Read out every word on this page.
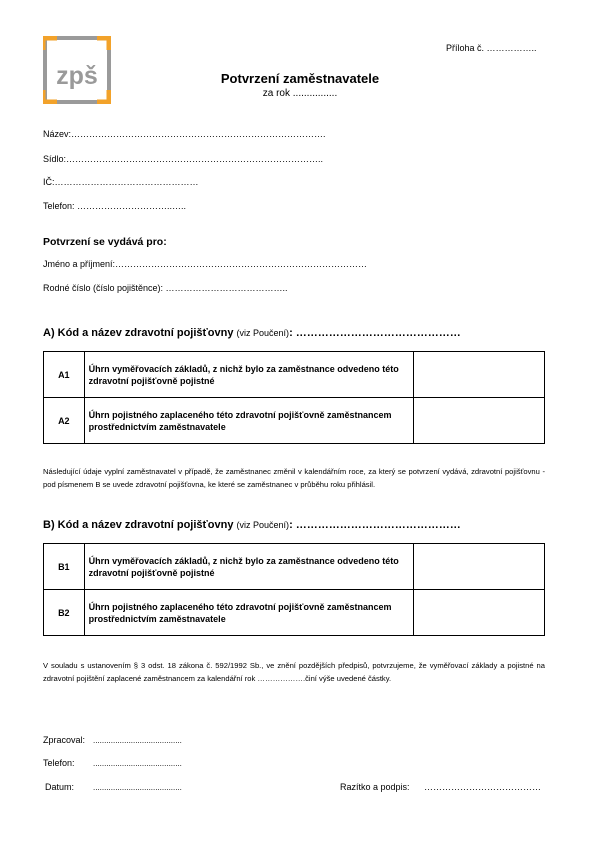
zpš
Příloha č. ……………..
Potvrzení zaměstnavatele
za rok ................
Název:………………………………………………………………………….
Sídlo:…………………………………………………………………………..
IČ:…………………………………………
Telefon: …………………………..…..
Potvrzení se vydává pro:
Jméno a příjmení:…………………………………………………………………………
Rodné číslo (číslo pojištěnce): …………………………………..
A) Kód a název zdravotní pojišťovny (viz Poučení): ………………………………………
A1	Úhrn vyměřovacích základů, z nichž bylo za zaměstnance odvedeno této zdravotní pojišťovně pojistné	
A2	Úhrn pojistného zaplaceného této zdravotní pojišťovně zaměstnancem prostřednictvím zaměstnavatele	
Následující údaje vyplní zaměstnavatel v případě, že zaměstnanec změnil v kalendářním roce, za který se potvrzení vydává, zdravotní pojišťovnu - pod písmenem B se uvede zdravotní pojišťovna, ke které se zaměstnanec v průběhu roku přihlásil.
B) Kód a název zdravotní pojišťovny (viz Poučení): ………………………………………
B1	Úhrn vyměřovacích základů, z nichž bylo za zaměstnance odvedeno této zdravotní pojišťovně pojistné	
B2	Úhrn pojistného zaplaceného této zdravotní pojišťovně zaměstnancem prostřednictvím zaměstnavatele	
V souladu s ustanovením § 3 odst. 18 zákona č. 592/1992 Sb., ve znění pozdějších předpisů, potvrzujeme, že vyměřovací základy a pojistné na zdravotní pojištění zaplacené zaměstnancem za kalendářní rok ……………….činí výše uvedené částky.
Zpracoval: ........................................
Telefon: ........................................
Datum: ........................................	Razítko a podpis: …………………………………
